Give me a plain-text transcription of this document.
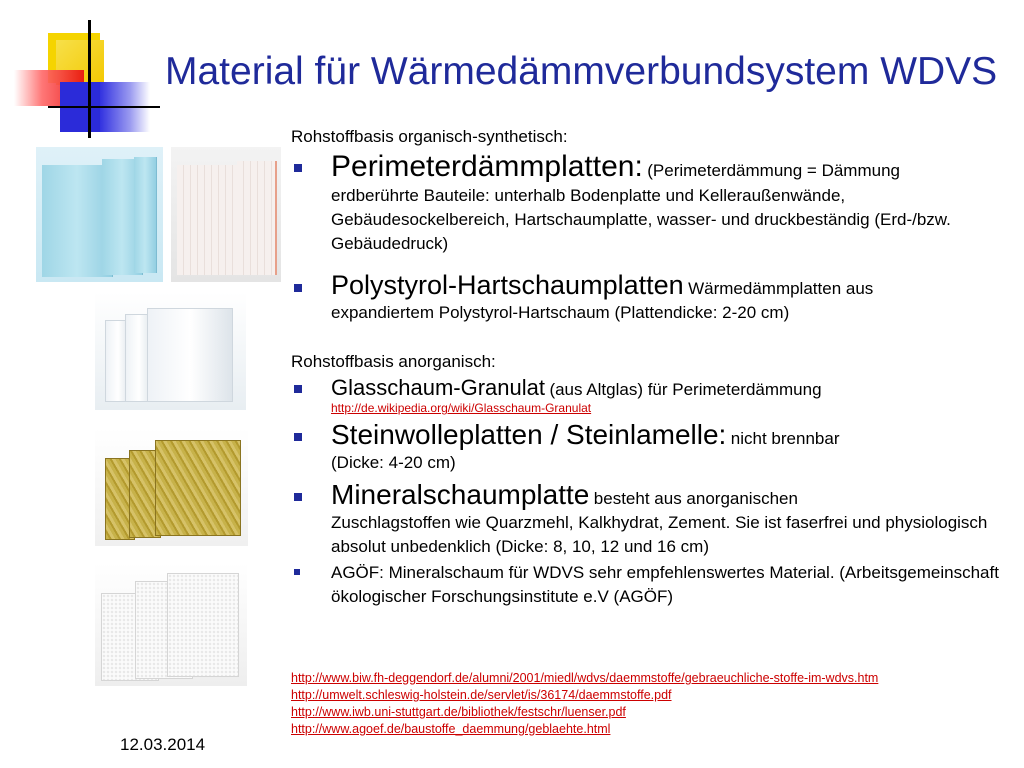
Material für Wärmedämmverbundsystem WDVS
Rohstoffbasis organisch-synthetisch:
Perimeterdämmplatten: (Perimeterdämmung = Dämmung
erdberührte Bauteile: unterhalb Bodenplatte und Kelleraußenwände, Gebäudesockelbereich, Hartschaumplatte, wasser- und druckbeständig (Erd-/bzw. Gebäudedruck)
Polystyrol-Hartschaumplatten Wärmedämmplatten aus
expandiertem Polystyrol-Hartschaum (Plattendicke: 2-20 cm)
Rohstoffbasis anorganisch:
Glasschaum-Granulat (aus Altglas) für Perimeterdämmung
http://de.wikipedia.org/wiki/Glasschaum-Granulat
Steinwolleplatten / Steinlamelle: nicht brennbar
(Dicke: 4-20 cm)
Mineralschaumplatte besteht aus anorganischen
Zuschlagstoffen wie Quarzmehl, Kalkhydrat, Zement. Sie ist faserfrei und physiologisch absolut unbedenklich (Dicke: 8, 10, 12 und 16 cm)
AGÖF: Mineralschaum für WDVS sehr empfehlenswertes Material. (Arbeitsgemeinschaft ökologischer Forschungsinstitute e.V (AGÖF)
http://www.biw.fh-deggendorf.de/alumni/2001/miedl/wdvs/daemmstoffe/gebraeuchliche-stoffe-im-wdvs.htm
http://umwelt.schleswig-holstein.de/servlet/is/36174/daemmstoffe.pdf
http://www.iwb.uni-stuttgart.de/bibliothek/festschr/luenser.pdf
http://www.agoef.de/baustoffe_daemmung/geblaehte.html
12.03.2014
